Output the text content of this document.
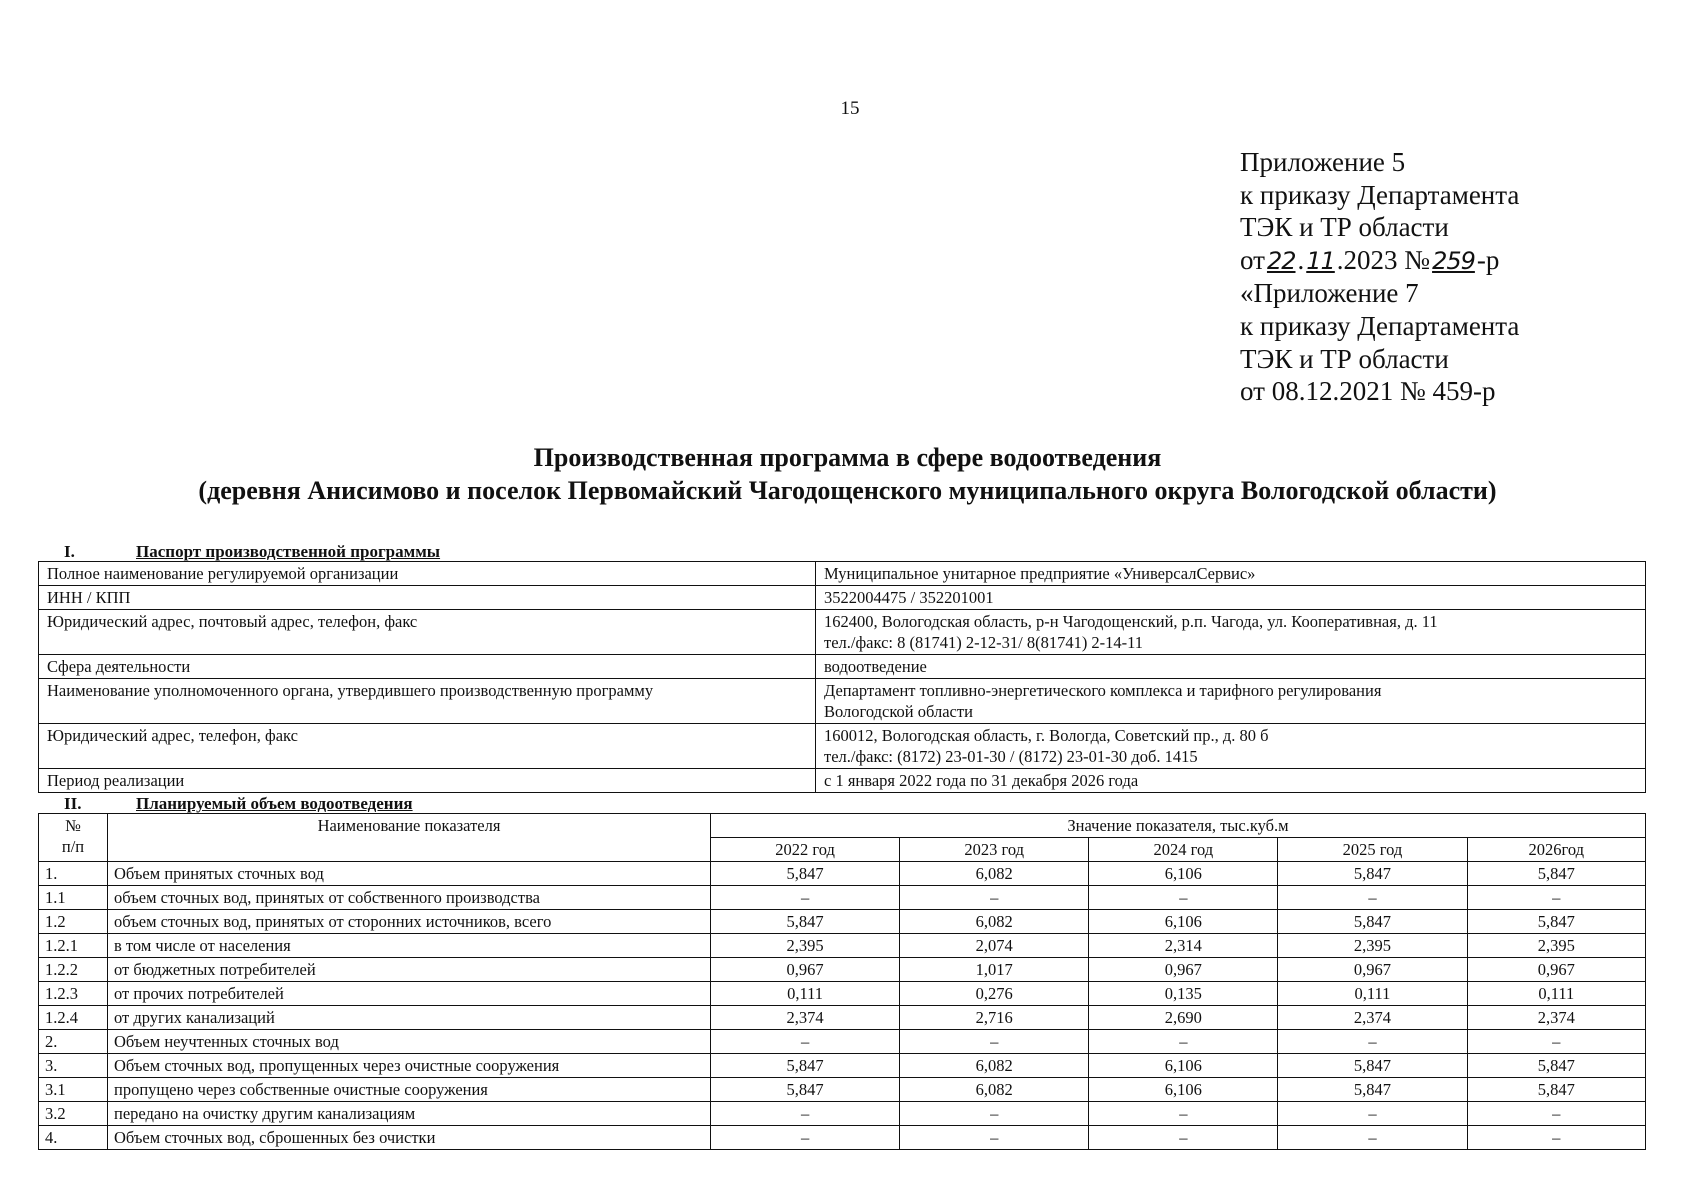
15
Приложение 5
к приказу Департамента
ТЭК и ТР области
от22.11.2023 №259-р
«Приложение 7
к приказу Департамента
ТЭК и ТР области
от 08.12.2021 № 459-р
Производственная программа в сфере водоотведения
(деревня Анисимово и поселок Первомайский Чагодощенского муниципального округа Вологодской области)
I.	Паспорт производственной программы
Полное наименование регулируемой организации	Муниципальное унитарное предприятие «УниверсалСервис»

ИНН / КПП	3522004475 / 352201001

Юридический адрес, почтовый адрес, телефон, факс	162400, Вологодская область, р-н Чагодощенский, р.п. Чагода, ул. Кооперативная, д. 11
тел./факс: 8 (81741) 2-12-31/ 8(81741) 2-14-11

Сфера деятельности	водоотведение

Наименование уполномоченного органа, утвердившего производственную программу	Департамент топливно-энергетического комплекса и тарифного регулирования
Вологодской области

Юридический адрес, телефон, факс	160012, Вологодская область, г. Вологда, Советский пр., д. 80 б
тел./факс: (8172) 23-01-30 / (8172) 23-01-30 доб. 1415

Период реализации	с 1 января 2022 года по 31 декабря 2026 года
II.	Планируемый объем водоотведения
№
п/п	Наименование показателя	Значение показателя, тыс.куб.м				
		2022 год	2023 год	2024 год	2025 год	2026год
1.	Объем принятых сточных вод	5,847	6,082	6,106	5,847	5,847
1.1	объем сточных вод, принятых от собственного производства	–	–	–	–	–
1.2	объем сточных вод, принятых от сторонних источников, всего	5,847	6,082	6,106	5,847	5,847
1.2.1	в том числе от населения	2,395	2,074	2,314	2,395	2,395
1.2.2	от бюджетных потребителей	0,967	1,017	0,967	0,967	0,967
1.2.3	от прочих потребителей	0,111	0,276	0,135	0,111	0,111
1.2.4	от других канализаций	2,374	2,716	2,690	2,374	2,374
2.	Объем неучтенных сточных вод	–	–	–	–	–
3.	Объем сточных вод, пропущенных через очистные сооружения	5,847	6,082	6,106	5,847	5,847
3.1	пропущено через собственные очистные сооружения	5,847	6,082	6,106	5,847	5,847
3.2	передано на очистку другим канализациям	–	–	–	–	–
4.	Объем сточных вод, сброшенных без очистки	–	–	–	–	–
